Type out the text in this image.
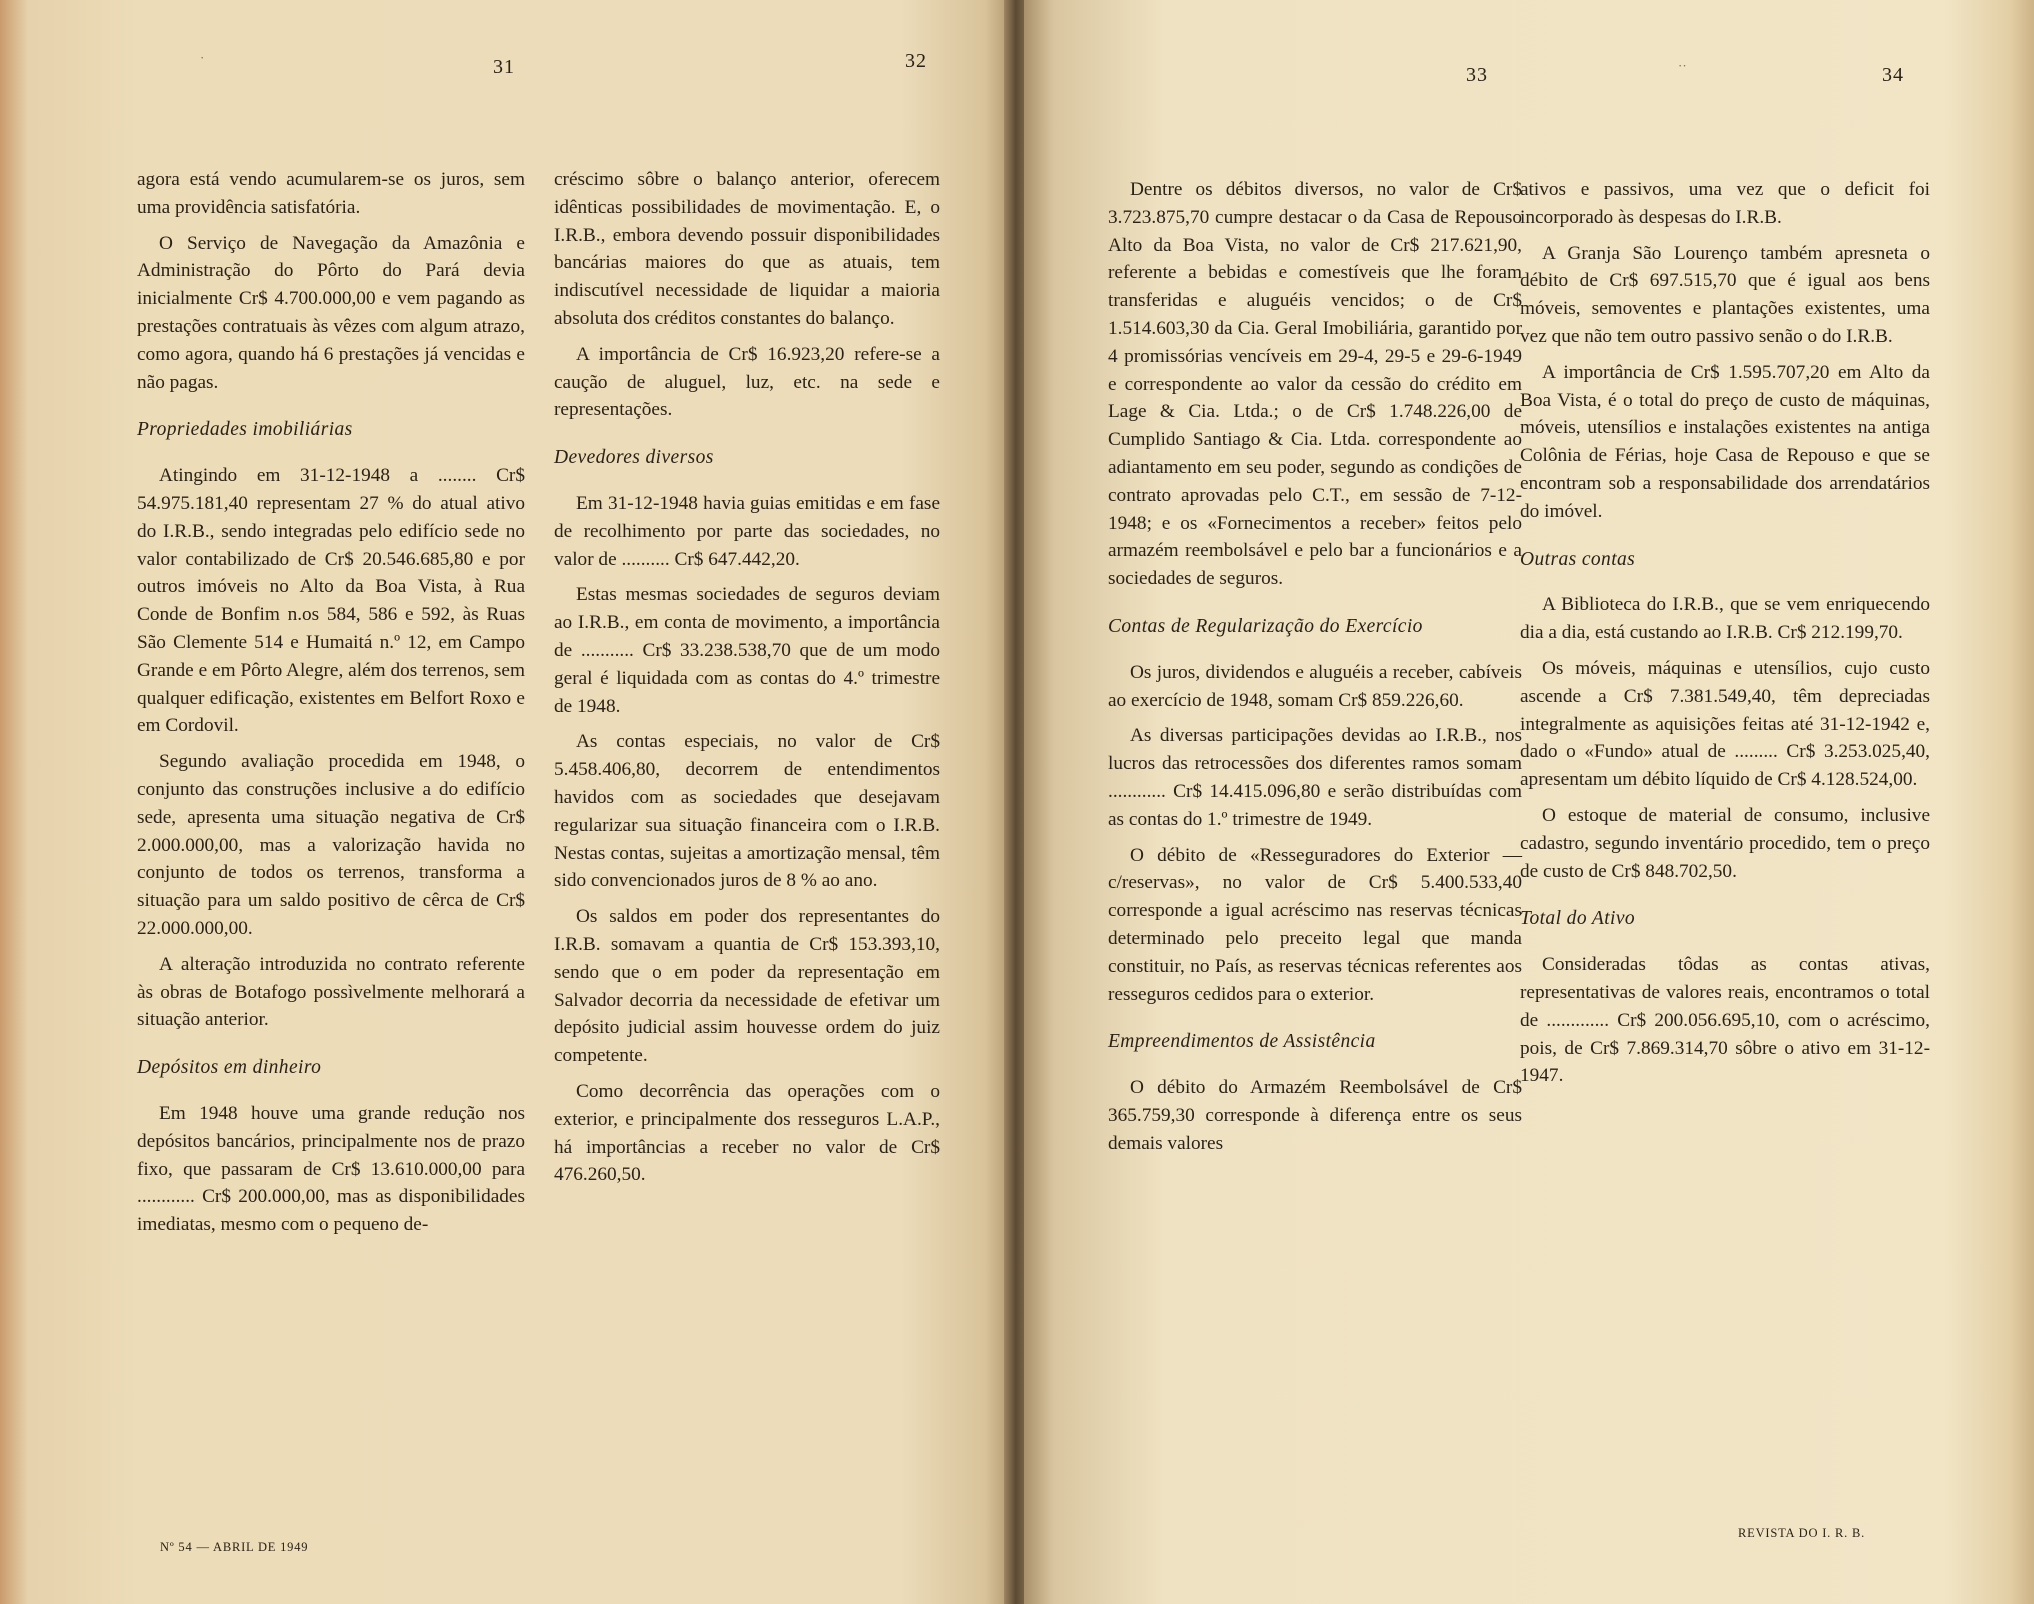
·	31	32

agora está vendo acumularem-se os juros, sem uma providência satisfatória.

O Serviço de Navegação da Amazônia e Administração do Pôrto do Pará devia inicialmente Cr$ 4.700.000,00 e vem pagando as prestações contratuais às vêzes com algum atrazo, como agora, quando há 6 prestações já vencidas e não pagas.

Propriedades imobiliárias

Atingindo em 31-12-1948 a ........ Cr$ 54.975.181,40 representam 27 % do atual ativo do I.R.B., sendo integradas pelo edifício sede no valor contabilizado de Cr$ 20.546.685,80 e por outros imóveis no Alto da Boa Vista, à Rua Conde de Bonfim n.os 584, 586 e 592, às Ruas São Clemente 514 e Humaitá n.º 12, em Campo Grande e em Pôrto Alegre, além dos terrenos, sem qualquer edificação, existentes em Belfort Roxo e em Cordovil.

Segundo avaliação procedida em 1948, o conjunto das construções inclusive a do edifício sede, apresenta uma situação negativa de Cr$ 2.000.000,00, mas a valorização havida no conjunto de todos os terrenos, transforma a situação para um saldo positivo de cêrca de Cr$ 22.000.000,00.

A alteração introduzida no contrato referente às obras de Botafogo possìvelmente melhorará a situação anterior.

Depósitos em dinheiro

Em 1948 houve uma grande redução nos depósitos bancários, principalmente nos de prazo fixo, que passaram de Cr$ 13.610.000,00 para ............ Cr$ 200.000,00, mas as disponibilidades imediatas, mesmo com o pequeno de-

créscimo sôbre o balanço anterior, oferecem idênticas possibilidades de movimentação. E, o I.R.B., embora devendo possuir disponibilidades bancárias maiores do que as atuais, tem indiscutível necessidade de liquidar a maioria absoluta dos créditos constantes do balanço.

A importância de Cr$ 16.923,20 refere-se a caução de aluguel, luz, etc. na sede e representações.

Devedores diversos

Em 31-12-1948 havia guias emitidas e em fase de recolhimento por parte das sociedades, no valor de .......... Cr$ 647.442,20.

Estas mesmas sociedades de seguros deviam ao I.R.B., em conta de movimento, a importância de ........... Cr$ 33.238.538,70 que de um modo geral é liquidada com as contas do 4.º trimestre de 1948.

As contas especiais, no valor de Cr$ 5.458.406,80, decorrem de entendimentos havidos com as sociedades que desejavam regularizar sua situação financeira com o I.R.B. Nestas contas, sujeitas a amortização mensal, têm sido convencionados juros de 8 % ao ano.

Os saldos em poder dos representantes do I.R.B. somavam a quantia de Cr$ 153.393,10, sendo que o em poder da representação em Salvador decorria da necessidade de efetivar um depósito judicial assim houvesse ordem do juiz competente.

Como decorrência das operações com o exterior, e principalmente dos resseguros L.A.P., há importâncias a receber no valor de Cr$ 476.260,50.

Nº 54 — ABRIL DE 1949
33	··	34

Dentre os débitos diversos, no valor de Cr$ 3.723.875,70 cumpre destacar o da Casa de Repouso Alto da Boa Vista, no valor de Cr$ 217.621,90, referente a bebidas e comestíveis que lhe foram transferidas e aluguéis vencidos; o de Cr$ 1.514.603,30 da Cia. Geral Imobiliária, garantido por 4 promissórias vencíveis em 29-4, 29-5 e 29-6-1949 e correspondente ao valor da cessão do crédito em Lage & Cia. Ltda.; o de Cr$ 1.748.226,00 de Cumplido Santiago & Cia. Ltda. correspondente ao adiantamento em seu poder, segundo as condições de contrato aprovadas pelo C.T., em sessão de 7-12-1948; e os «Fornecimentos a receber» feitos pelo armazém reembolsável e pelo bar a funcionários e a sociedades de seguros.

Contas de Regularização do Exercício

Os juros, dividendos e aluguéis a receber, cabíveis ao exercício de 1948, somam Cr$ 859.226,60.

As diversas participações devidas ao I.R.B., nos lucros das retrocessões dos diferentes ramos somam ............ Cr$ 14.415.096,80 e serão distribuídas com as contas do 1.º trimestre de 1949.

O débito de «Resseguradores do Exterior — c/reservas», no valor de Cr$ 5.400.533,40 corresponde a igual acréscimo nas reservas técnicas determinado pelo preceito legal que manda constituir, no País, as reservas técnicas referentes aos resseguros cedidos para o exterior.

Empreendimentos de Assistência

O débito do Armazém Reembolsável de Cr$ 365.759,30 corresponde à diferença entre os seus demais valores

ativos e passivos, uma vez que o deficit foi incorporado às despesas do I.R.B.

A Granja São Lourenço também apresneta o débito de Cr$ 697.515,70 que é igual aos bens móveis, semoventes e plantações existentes, uma vez que não tem outro passivo senão o do I.R.B.

A importância de Cr$ 1.595.707,20 em Alto da Boa Vista, é o total do preço de custo de máquinas, móveis, utensílios e instalações existentes na antiga Colônia de Férias, hoje Casa de Repouso e que se encontram sob a responsabilidade dos arrendatários do imóvel.

Outras contas

A Biblioteca do I.R.B., que se vem enriquecendo dia a dia, está custando ao I.R.B. Cr$ 212.199,70.

Os móveis, máquinas e utensílios, cujo custo ascende a Cr$ 7.381.549,40, têm depreciadas integralmente as aquisições feitas até 31-12-1942 e, dado o «Fundo» atual de ......... Cr$ 3.253.025,40, apresentam um débito líquido de Cr$ 4.128.524,00.

O estoque de material de consumo, inclusive cadastro, segundo inventário procedido, tem o preço de custo de Cr$ 848.702,50.

Total do Ativo

Consideradas tôdas as contas ativas, representativas de valores reais, encontramos o total de ............. Cr$ 200.056.695,10, com o acréscimo, pois, de Cr$ 7.869.314,70 sôbre o ativo em 31-12-1947.

REVISTA DO I. R. B.
